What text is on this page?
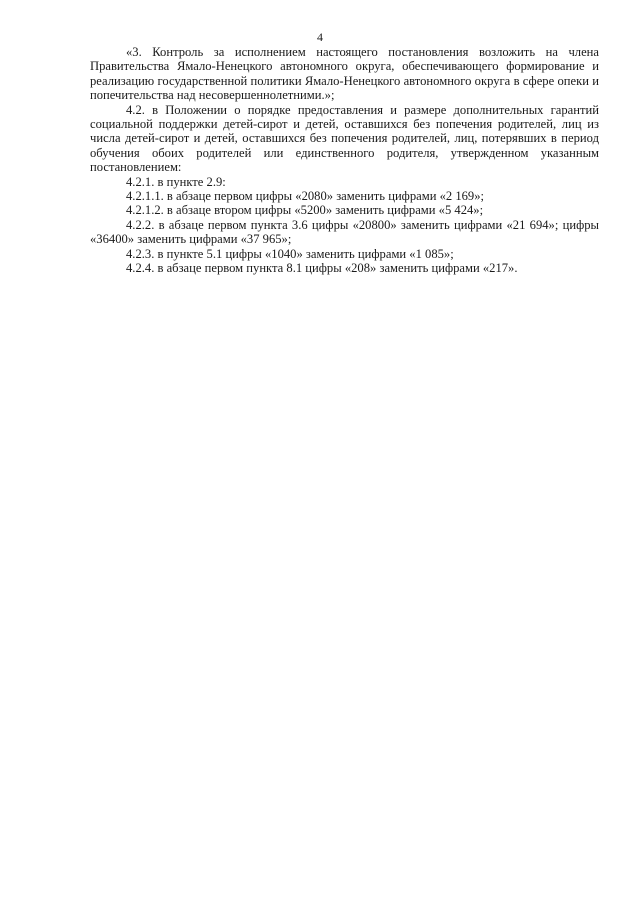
4

«3. Контроль за исполнением настоящего постановления возложить на члена Правительства Ямало-Ненецкого автономного округа, обеспечивающего формирование и реализацию государственной политики Ямало-Ненецкого автономного округа в сфере опеки и попечительства над несовершеннолетними.»;

4.2. в Положении о порядке предоставления и размере дополнительных гарантий социальной поддержки детей-сирот и детей, оставшихся без попечения родителей, лиц из числа детей-сирот и детей, оставшихся без попечения родителей, лиц, потерявших в период обучения обоих родителей или единственного родителя, утвержденном указанным постановлением:

4.2.1. в пункте 2.9:

4.2.1.1. в абзаце первом цифры «2080» заменить цифрами «2 169»;

4.2.1.2. в абзаце втором цифры «5200» заменить цифрами «5 424»;

4.2.2. в абзаце первом пункта 3.6 цифры «20800» заменить цифрами «21 694»; цифры «36400» заменить цифрами «37 965»;

4.2.3. в пункте 5.1 цифры «1040» заменить цифрами «1 085»;

4.2.4. в абзаце первом пункта 8.1 цифры «208» заменить цифрами «217».
